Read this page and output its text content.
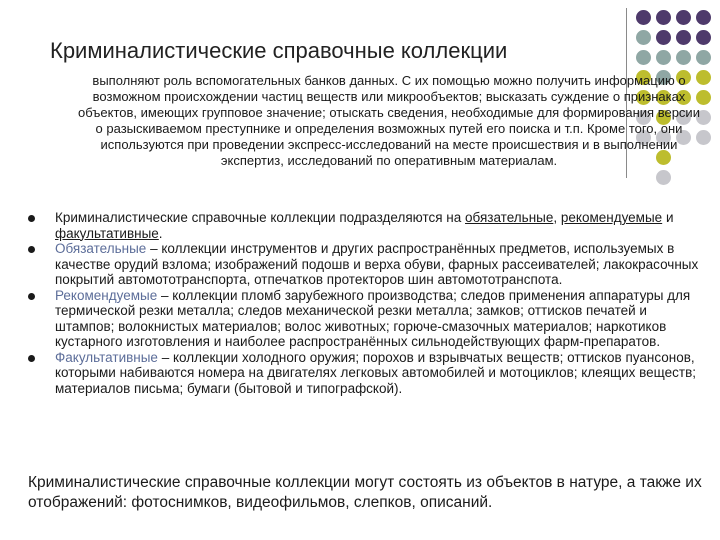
Криминалистические справочные коллекции
выполняют роль вспомогательных банков данных. С их помощью можно получить информацию о возможном происхождении частиц веществ или микрообъектов; высказать суждение о признаках объектов, имеющих групповое значение; отыскать сведения, необходимые для формирования версии о разыскиваемом преступнике и определения возможных путей его поиска и т.п. Кроме того, они используются при проведении экспресс-исследований на месте происшествия и в выполнении экспертиз, исследований по оперативным материалам.
Криминалистические справочные коллекции подразделяются на обязательные, рекомендуемые и факультативные.
Обязательные – коллекции инструментов и других распространённых предметов, используемых в качестве орудий взлома; изображений подошв и верха обуви, фарных рассеивателей; лакокрасочных покрытий автомототранспорта, отпечатков протекторов шин автомототранспота.
Рекомендуемые – коллекции пломб зарубежного производства; следов применения аппаратуры для термической резки металла; следов механической резки металла; замков; оттисков печатей и штампов; волокнистых материалов; волос животных; горюче-смазочных материалов; наркотиков кустарного изготовления и наиболее распространённых сильнодействующих фарм-препаратов.
Факультативные – коллекции холодного оружия; порохов и взрывчатых веществ; оттисков пуансонов, которыми набиваются номера на двигателях легковых автомобилей и мотоциклов; клеящих веществ; материалов письма; бумаги (бытовой и типографской).
Криминалистические справочные коллекции могут состоять из объектов в натуре, а также их отображений: фотоснимков, видеофильмов, слепков, описаний.
